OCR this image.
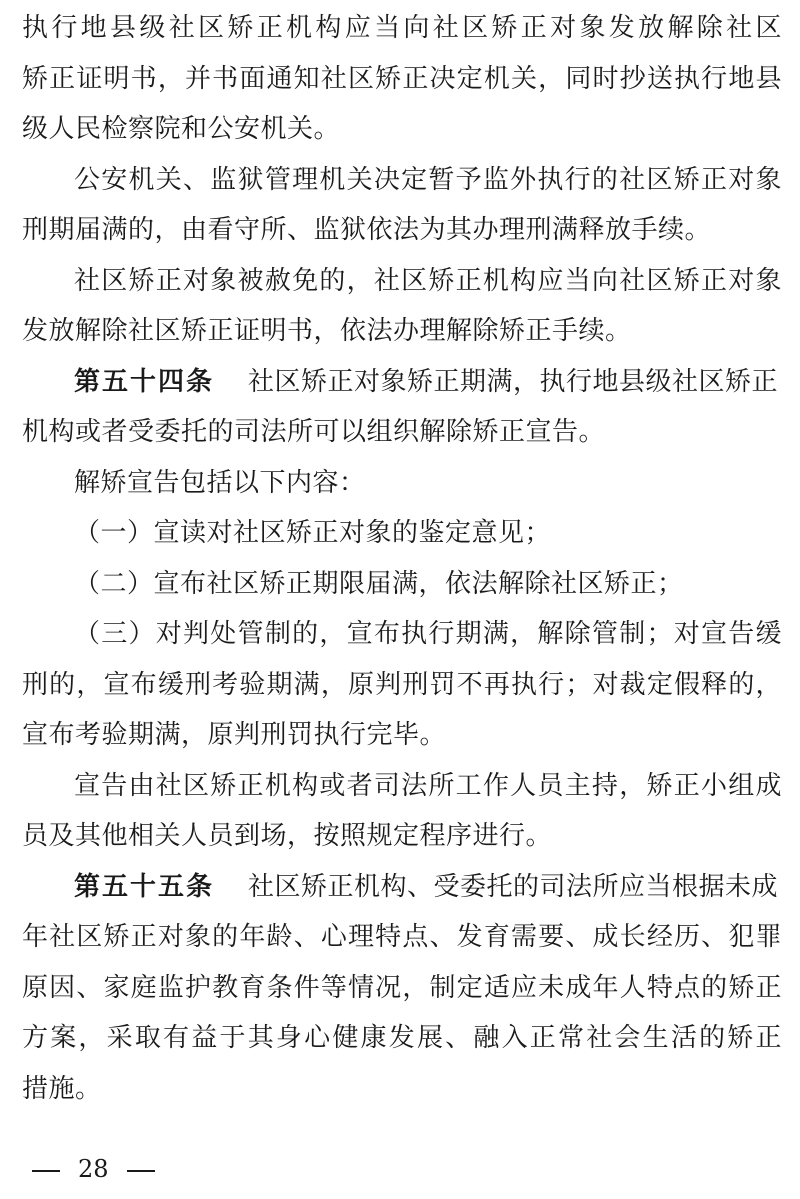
执行地县级社区矫正机构应当向社区矫正对象发放解除社区
矫正证明书，并书面通知社区矫正决定机关，同时抄送执行地县
级人民检察院和公安机关。
公安机关、监狱管理机关决定暂予监外执行的社区矫正对象
刑期届满的，由看守所、监狱依法为其办理刑满释放手续。
社区矫正对象被赦免的，社区矫正机构应当向社区矫正对象
发放解除社区矫正证明书，依法办理解除矫正手续。
第五十四条 社区矫正对象矫正期满，执行地县级社区矫正
机构或者受委托的司法所可以组织解除矫正宣告。
解矫宣告包括以下内容：
（一）宣读对社区矫正对象的鉴定意见；
（二）宣布社区矫正期限届满，依法解除社区矫正；
（三）对判处管制的，宣布执行期满，解除管制；对宣告缓
刑的，宣布缓刑考验期满，原判刑罚不再执行；对裁定假释的，
宣布考验期满，原判刑罚执行完毕。
宣告由社区矫正机构或者司法所工作人员主持，矫正小组成
员及其他相关人员到场，按照规定程序进行。
第五十五条 社区矫正机构、受委托的司法所应当根据未成
年社区矫正对象的年龄、心理特点、发育需要、成长经历、犯罪
原因、家庭监护教育条件等情况，制定适应未成年人特点的矫正
方案，采取有益于其身心健康发展、融入正常社会生活的矫正
措施。
28
